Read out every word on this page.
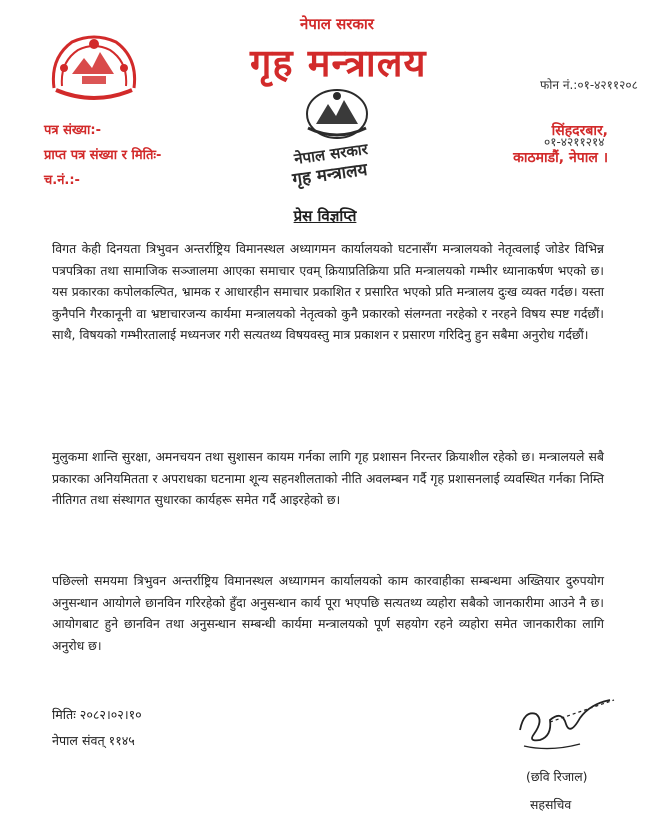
नेपाल सरकार
गृह मन्त्रालय

	फोन नं.:०१-४२११२०८

०१-४२११२१४

नेपाल सरकार
गृह मन्त्रालय
पत्र संख्या:-
प्राप्त पत्र संख्या र मितिः-
च.नं.:-
सिंहदरबार,
काठमाडौं, नेपाल ।
प्रेस विज्ञप्ति
विगत केही दिनयता त्रिभुवन अन्तर्राष्ट्रिय विमानस्थल अध्यागमन कार्यालयको घटनासँग मन्त्रालयको नेतृत्वलाई जोडेर विभिन्न पत्रपत्रिका तथा सामाजिक सञ्जालमा आएका समाचार एवम् क्रियाप्रतिक्रिया प्रति मन्त्रालयको गम्भीर ध्यानाकर्षण भएको छ। यस प्रकारका कपोलकल्पित, भ्रामक र आधारहीन समाचार प्रकाशित र प्रसारित भएको प्रति मन्त्रालय दुःख व्यक्त गर्दछ। यस्ता कुनैपनि गैरकानूनी वा भ्रष्टाचारजन्य कार्यमा मन्त्रालयको नेतृत्वको कुनै प्रकारको संलग्नता नरहेको र नरहने विषय स्पष्ट गर्दछौं। साथै, विषयको गम्भीरतालाई मध्यनजर गरी सत्यतथ्य विषयवस्तु मात्र प्रकाशन र प्रसारण गरिदिनु हुन सबैमा अनुरोध गर्दछौं।
मुलुकमा शान्ति सुरक्षा, अमनचयन तथा सुशासन कायम गर्नका लागि गृह प्रशासन निरन्तर क्रियाशील रहेको छ। मन्त्रालयले सबै प्रकारका अनियमितता र अपराधका घटनामा शून्य सहनशीलताको नीति अवलम्बन गर्दै गृह प्रशासनलाई व्यवस्थित गर्नका निम्ति नीतिगत तथा संस्थागत सुधारका कार्यहरू समेत गर्दै आइरहेको छ।
पछिल्लो समयमा त्रिभुवन अन्तर्राष्ट्रिय विमानस्थल अध्यागमन कार्यालयको काम कारवाहीका सम्बन्धमा अख्तियार दुरुपयोग अनुसन्धान आयोगले छानविन गरिरहेको हुँदा अनुसन्धान कार्य पूरा भएपछि सत्यतथ्य व्यहोरा सबैको जानकारीमा आउने नै छ। आयोगबाट हुने छानविन तथा अनुसन्धान सम्बन्धी कार्यमा मन्त्रालयको पूर्ण सहयोग रहने व्यहोरा समेत जानकारीका लागि अनुरोध छ।
मितिः २०८२।०२।१०
नेपाल संवत् ११४५
(छवि रिजाल)
सहसचिव
